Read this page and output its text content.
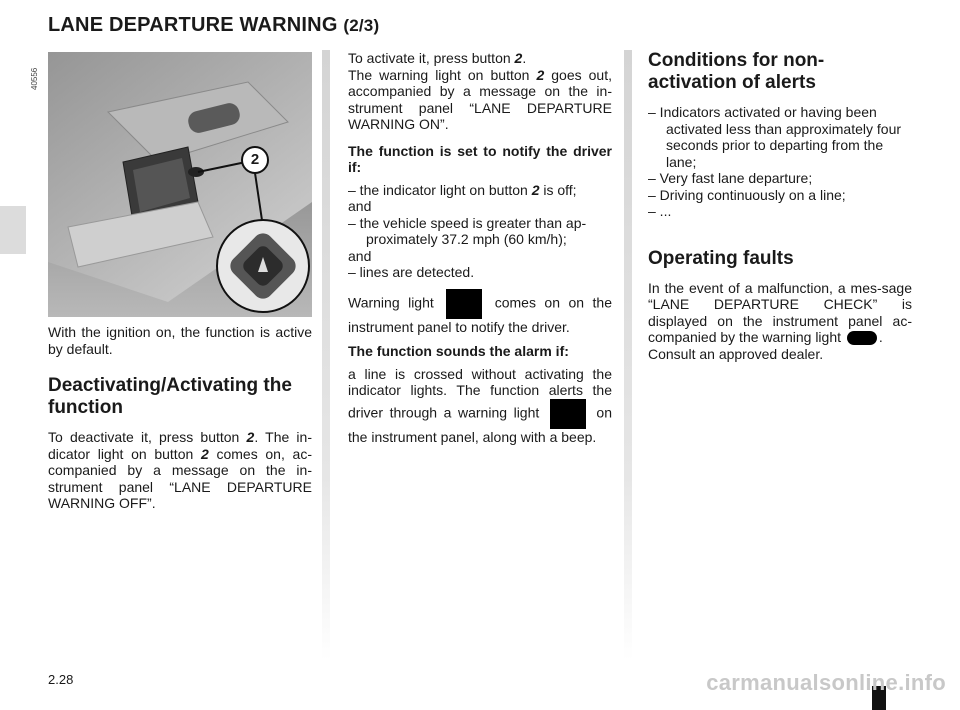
LANE DEPARTURE WARNING (2/3)
40556
2

With the ignition on, the function is active by default.

Deactivating/Activating the function

To deactivate it, press button 2. The in-dicator light on button 2 comes on, ac-companied by a message on the in-strument panel “LANE DEPARTURE WARNING OFF”.

To activate it, press button 2.

The warning light on button 2 goes out, accompanied by a message on the in-strument panel “LANE DEPARTURE WARNING ON”.

The function is set to notify the driver if:

– the indicator light on button 2 is off;

and

– the vehicle speed is greater than ap-proximately 37.2 mph (60 km/h);

and

– lines are detected.

Warning light	comes on on the instrument panel to notify the driver.

The function sounds the alarm if:

a line is crossed without activating the indicator lights. The function alerts the driver through a warning light	on the instrument panel, along with a beep.

Conditions for non-activation of alerts

– Indicators activated or having been activated less than approximately four seconds prior to departing from the lane;

– Very fast lane departure;

– Driving continuously on a line;

– ...

Operating faults

In the event of a malfunction, a mes-sage “LANE DEPARTURE CHECK” is displayed on the instrument panel ac-companied by the warning light .

Consult an approved dealer.

2.28	carmanualsonline.info
